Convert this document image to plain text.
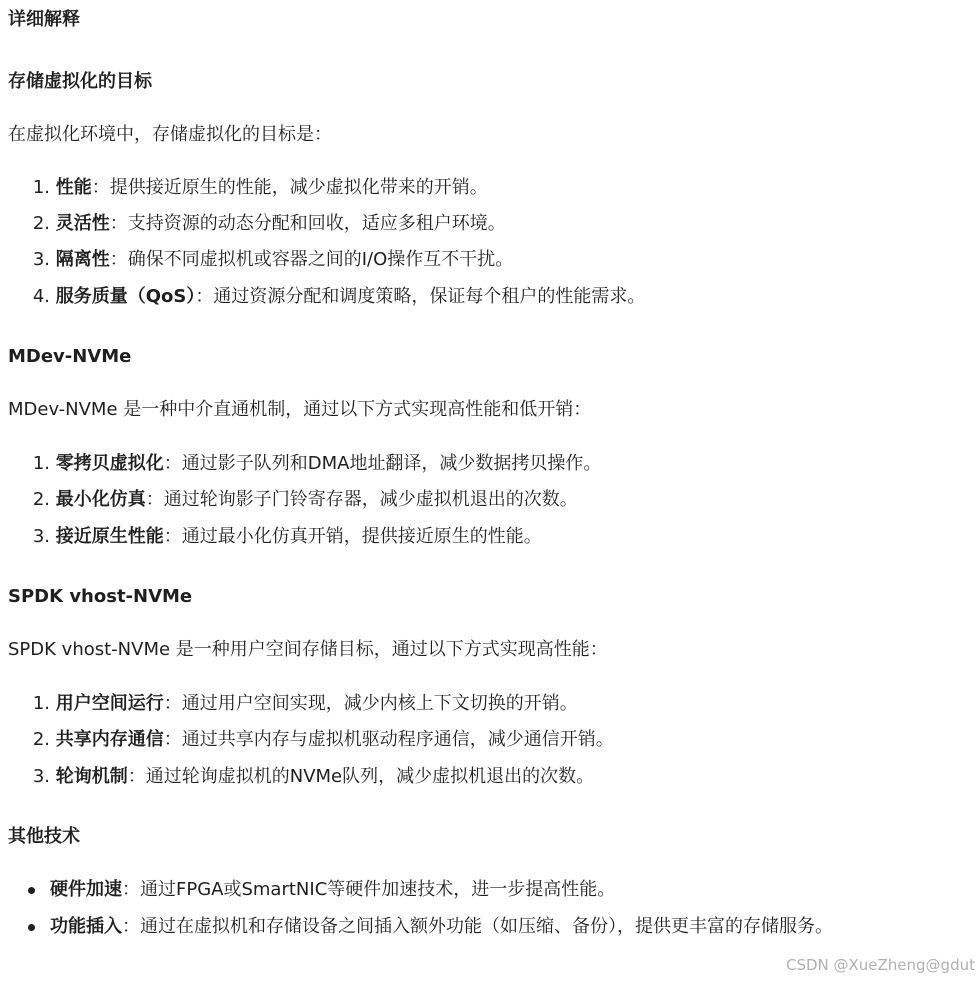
详细解释
存储虚拟化的目标
在虚拟化环境中，存储虚拟化的目标是：
1. 性能：提供接近原生的性能，减少虚拟化带来的开销。
2. 灵活性：支持资源的动态分配和回收，适应多租户环境。
3. 隔离性：确保不同虚拟机或容器之间的I/O操作互不干扰。
4. 服务质量（QoS）：通过资源分配和调度策略，保证每个租户的性能需求。
MDev-NVMe
MDev-NVMe 是一种中介直通机制，通过以下方式实现高性能和低开销：
1. 零拷贝虚拟化：通过影子队列和DMA地址翻译，减少数据拷贝操作。
2. 最小化仿真：通过轮询影子门铃寄存器，减少虚拟机退出的次数。
3. 接近原生性能：通过最小化仿真开销，提供接近原生的性能。
SPDK vhost-NVMe
SPDK vhost-NVMe 是一种用户空间存储目标，通过以下方式实现高性能：
1. 用户空间运行：通过用户空间实现，减少内核上下文切换的开销。
2. 共享内存通信：通过共享内存与虚拟机驱动程序通信，减少通信开销。
3. 轮询机制：通过轮询虚拟机的NVMe队列，减少虚拟机退出的次数。
其他技术
硬件加速：通过FPGA或SmartNIC等硬件加速技术，进一步提高性能。
功能插入：通过在虚拟机和存储设备之间插入额外功能（如压缩、备份），提供更丰富的存储服务。
CSDN @XueZheng@gdut
